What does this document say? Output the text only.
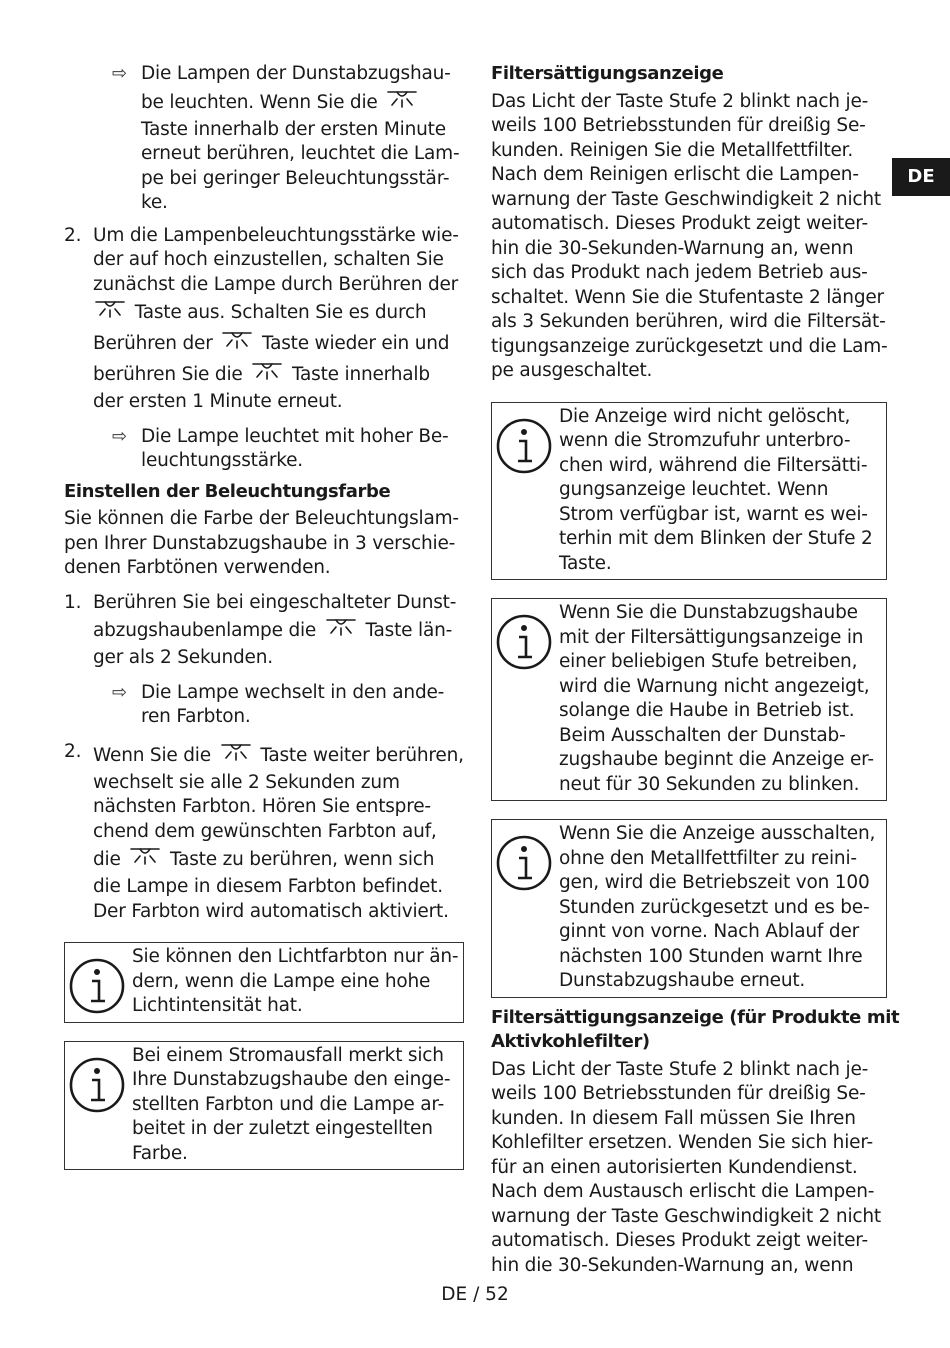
⇨ Die Lampen der Dunstabzugshau-
be leuchten. Wenn Sie die
Taste innerhalb der ersten Minute
erneut berühren, leuchtet die Lam-
pe bei geringer Beleuchtungsstär-
ke.
2. Um die Lampenbeleuchtungsstärke wie-
der auf hoch einzustellen, schalten Sie
zunächst die Lampe durch Berühren der
Taste aus. Schalten Sie es durch
Berühren der	Taste wieder ein und
berühren Sie die	Taste innerhalb
der ersten 1 Minute erneut.
⇨ Die Lampe leuchtet mit hoher Be-
leuchtungsstärke.
Einstellen der Beleuchtungsfarbe
Sie können die Farbe der Beleuchtungslam-
pen Ihrer Dunstabzugshaube in 3 verschie-
denen Farbtönen verwenden.
1. Berühren Sie bei eingeschalteter Dunst-
abzugshaubenlampe die	Taste län-
ger als 2 Sekunden.
⇨ Die Lampe wechselt in den ande-
ren Farbton.
2. Wenn Sie die	Taste weiter berühren,
wechselt sie alle 2 Sekunden zum
nächsten Farbton. Hören Sie entspre-
chend dem gewünschten Farbton auf,
die	Taste zu berühren, wenn sich
die Lampe in diesem Farbton befindet.
Der Farbton wird automatisch aktiviert.
Sie können den Lichtfarbton nur än-
dern, wenn die Lampe eine hohe
Lichtintensität hat.
Bei einem Stromausfall merkt sich
Ihre Dunstabzugshaube den einge-
stellten Farbton und die Lampe ar-
beitet in der zuletzt eingestellten
Farbe.
Filtersättigungsanzeige
Das Licht der Taste Stufe 2 blinkt nach je-
weils 100 Betriebsstunden für dreißig Se-
kunden. Reinigen Sie die Metallfettfilter.
Nach dem Reinigen erlischt die Lampen-
warnung der Taste Geschwindigkeit 2 nicht
automatisch. Dieses Produkt zeigt weiter-
hin die 30-Sekunden-Warnung an, wenn
sich das Produkt nach jedem Betrieb aus-
schaltet. Wenn Sie die Stufentaste 2 länger
als 3 Sekunden berühren, wird die Filtersät-
tigungsanzeige zurückgesetzt und die Lam-
pe ausgeschaltet.
Die Anzeige wird nicht gelöscht,
wenn die Stromzufuhr unterbro-
chen wird, während die Filtersätti-
gungsanzeige leuchtet. Wenn
Strom verfügbar ist, warnt es wei-
terhin mit dem Blinken der Stufe 2
Taste.
Wenn Sie die Dunstabzugshaube
mit der Filtersättigungsanzeige in
einer beliebigen Stufe betreiben,
wird die Warnung nicht angezeigt,
solange die Haube in Betrieb ist.
Beim Ausschalten der Dunstab-
zugshaube beginnt die Anzeige er-
neut für 30 Sekunden zu blinken.
Wenn Sie die Anzeige ausschalten,
ohne den Metallfettfilter zu reini-
gen, wird die Betriebszeit von 100
Stunden zurückgesetzt und es be-
ginnt von vorne. Nach Ablauf der
nächsten 100 Stunden warnt Ihre
Dunstabzugshaube erneut.
Filtersättigungsanzeige (für Produkte mit
Aktivkohlefilter)
Das Licht der Taste Stufe 2 blinkt nach je-
weils 100 Betriebsstunden für dreißig Se-
kunden. In diesem Fall müssen Sie Ihren
Kohlefilter ersetzen. Wenden Sie sich hier-
für an einen autorisierten Kundendienst.
Nach dem Austausch erlischt die Lampen-
warnung der Taste Geschwindigkeit 2 nicht
automatisch. Dieses Produkt zeigt weiter-
hin die 30-Sekunden-Warnung an, wenn
DE
DE / 52
